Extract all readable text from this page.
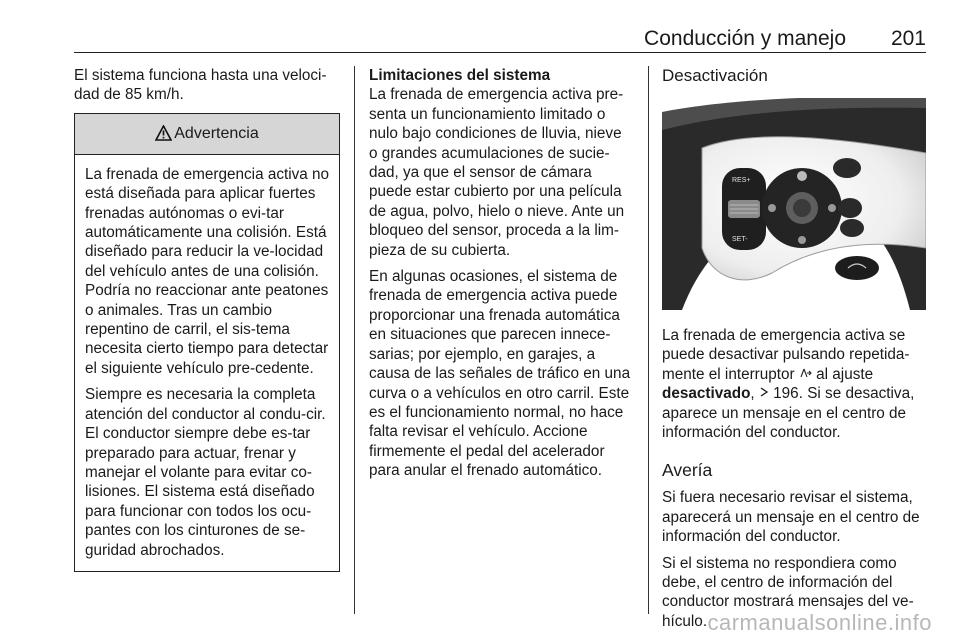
Conducción y manejo 201

El sistema funciona hasta una veloci-dad de 85 km/h.

Advertencia

La frenada de emergencia activa no está diseñada para aplicar fuertes frenadas autónomas o evi-tar automáticamente una colisión. Está diseñado para reducir la ve-locidad del vehículo antes de una colisión. Podría no reaccionar ante peatones o animales. Tras un cambio repentino de carril, el sis-tema necesita cierto tiempo para detectar el siguiente vehículo pre-cedente.

Siempre es necesaria la completa atención del conductor al condu-cir. El conductor siempre debe es-tar preparado para actuar, frenar y manejar el volante para evitar co-lisiones. El sistema está diseñado para funcionar con todos los ocu-pantes con los cinturones de se-guridad abrochados.

Limitaciones del sistema

La frenada de emergencia activa pre-senta un funcionamiento limitado o nulo bajo condiciones de lluvia, nieve o grandes acumulaciones de sucie-dad, ya que el sensor de cámara puede estar cubierto por una película de agua, polvo, hielo o nieve. Ante un bloqueo del sensor, proceda a la lim-pieza de su cubierta.

En algunas ocasiones, el sistema de frenada de emergencia activa puede proporcionar una frenada automática en situaciones que parecen innece-sarias; por ejemplo, en garajes, a causa de las señales de tráfico en una curva o a vehículos en otro carril. Este es el funcionamiento normal, no hace falta revisar el vehículo. Accione firmemente el pedal del acelerador para anular el frenado automático.

Desactivación
RES+
SET-

La frenada de emergencia activa se puede desactivar pulsando repetida-mente el interruptor  al ajuste desactivado,  196. Si se desactiva, aparece un mensaje en el centro de información del conductor.

Avería

Si fuera necesario revisar el sistema, aparecerá un mensaje en el centro de información del conductor.

Si el sistema no respondiera como debe, el centro de información del conductor mostrará mensajes del ve-hículo. carmanualsonline.info
